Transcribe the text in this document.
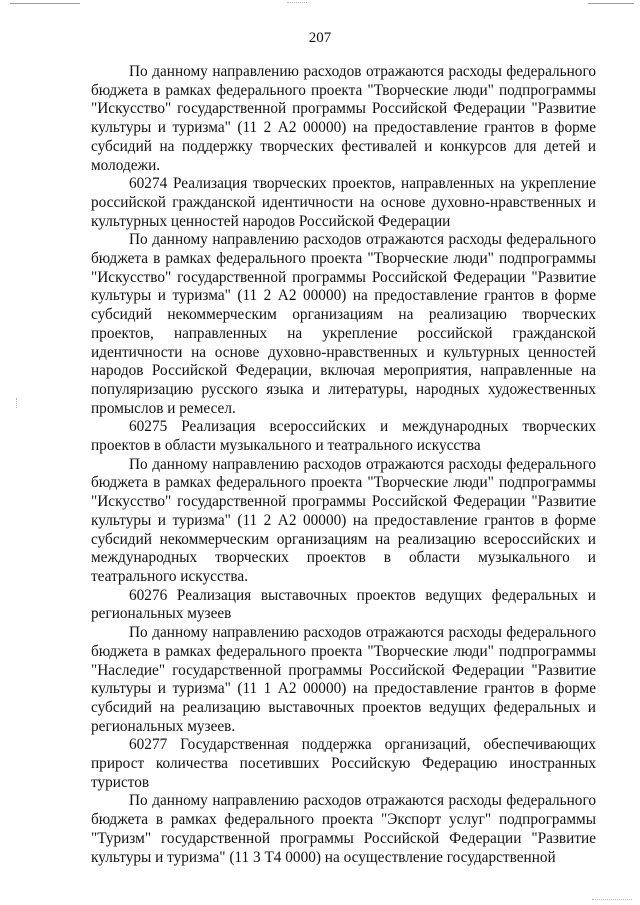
207

По данному направлению расходов отражаются расходы федерального бюджета в рамках федерального проекта "Творческие люди" подпрограммы "Искусство" государственной программы Российской Федерации "Развитие культуры и туризма" (11 2 А2 00000) на предоставление грантов в форме субсидий на поддержку творческих фестивалей и конкурсов для детей и молодежи.

60274 Реализация творческих проектов, направленных на укрепление российской гражданской идентичности на основе духовно-нравственных и культурных ценностей народов Российской Федерации

По данному направлению расходов отражаются расходы федерального бюджета в рамках федерального проекта "Творческие люди" подпрограммы "Искусство" государственной программы Российской Федерации "Развитие культуры и туризма" (11 2 А2 00000) на предоставление грантов в форме субсидий некоммерческим организациям на реализацию творческих проектов, направленных на укрепление российской гражданской идентичности на основе духовно-нравственных и культурных ценностей народов Российской Федерации, включая мероприятия, направленные на популяризацию русского языка и литературы, народных художественных промыслов и ремесел.

60275 Реализация всероссийских и международных творческих проектов в области музыкального и театрального искусства

По данному направлению расходов отражаются расходы федерального бюджета в рамках федерального проекта "Творческие люди" подпрограммы "Искусство" государственной программы Российской Федерации "Развитие культуры и туризма" (11 2 А2 00000) на предоставление грантов в форме субсидий некоммерческим организациям на реализацию всероссийских и международных творческих проектов в области музыкального и театрального искусства.

60276 Реализация выставочных проектов ведущих федеральных и региональных музеев

По данному направлению расходов отражаются расходы федерального бюджета в рамках федерального проекта "Творческие люди" подпрограммы "Наследие" государственной программы Российской Федерации "Развитие культуры и туризма" (11 1 А2 00000) на предоставление грантов в форме субсидий на реализацию выставочных проектов ведущих федеральных и региональных музеев.

60277 Государственная поддержка организаций, обеспечивающих прирост количества посетивших Российскую Федерацию иностранных туристов

По данному направлению расходов отражаются расходы федерального бюджета в рамках федерального проекта "Экспорт услуг" подпрограммы "Туризм" государственной программы Российской Федерации "Развитие культуры и туризма" (11 3 Т4 0000) на осуществление государственной
